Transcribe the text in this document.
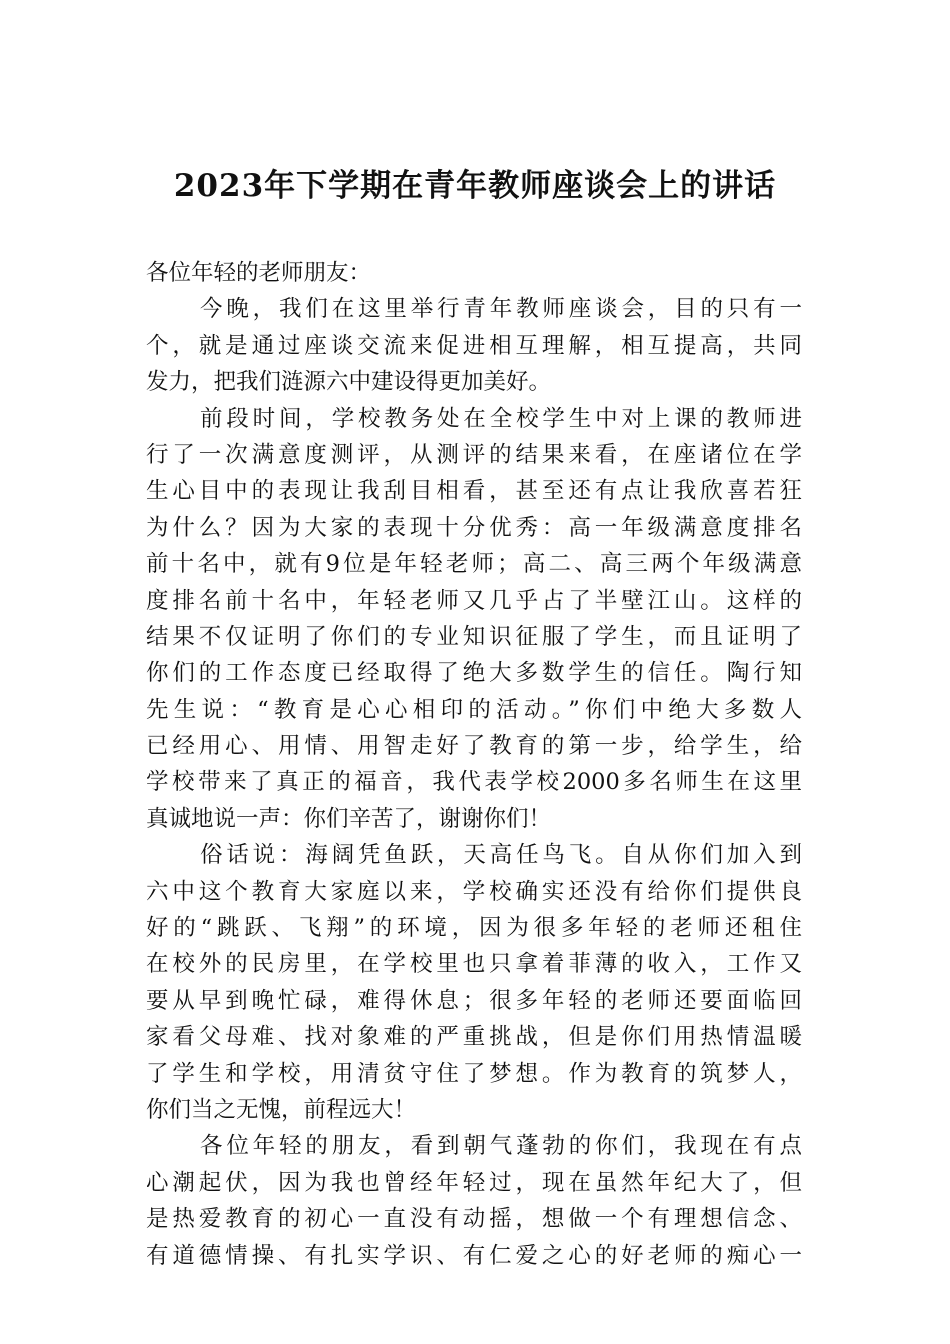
2023年下学期在青年教师座谈会上的讲话
各位年轻的老师朋友：
今晚，我们在这里举行青年教师座谈会，目的只有一
个，就是通过座谈交流来促进相互理解，相互提高，共同
发力，把我们涟源六中建设得更加美好。
前段时间，学校教务处在全校学生中对上课的教师进
行了一次满意度测评，从测评的结果来看，在座诸位在学
生心目中的表现让我刮目相看，甚至还有点让我欣喜若狂
为什么？因为大家的表现十分优秀：高一年级满意度排名
前十名中，就有9位是年轻老师；高二、高三两个年级满意
度排名前十名中，年轻老师又几乎占了半壁江山。这样的
结果不仅证明了你们的专业知识征服了学生，而且证明了
你们的工作态度已经取得了绝大多数学生的信任。陶行知
先生说：“教育是心心相印的活动。”你们中绝大多数人
已经用心、用情、用智走好了教育的第一步，给学生，给
学校带来了真正的福音，我代表学校2000多名师生在这里
真诚地说一声：你们辛苦了，谢谢你们！
俗话说：海阔凭鱼跃，天高任鸟飞。自从你们加入到
六中这个教育大家庭以来，学校确实还没有给你们提供良
好的“跳跃、飞翔”的环境，因为很多年轻的老师还租住
在校外的民房里，在学校里也只拿着菲薄的收入，工作又
要从早到晚忙碌，难得休息；很多年轻的老师还要面临回
家看父母难、找对象难的严重挑战，但是你们用热情温暖
了学生和学校，用清贫守住了梦想。作为教育的筑梦人，
你们当之无愧，前程远大！
各位年轻的朋友，看到朝气蓬勃的你们，我现在有点
心潮起伏，因为我也曾经年轻过，现在虽然年纪大了，但
是热爱教育的初心一直没有动摇，想做一个有理想信念、
有道德情操、有扎实学识、有仁爱之心的好老师的痴心一
